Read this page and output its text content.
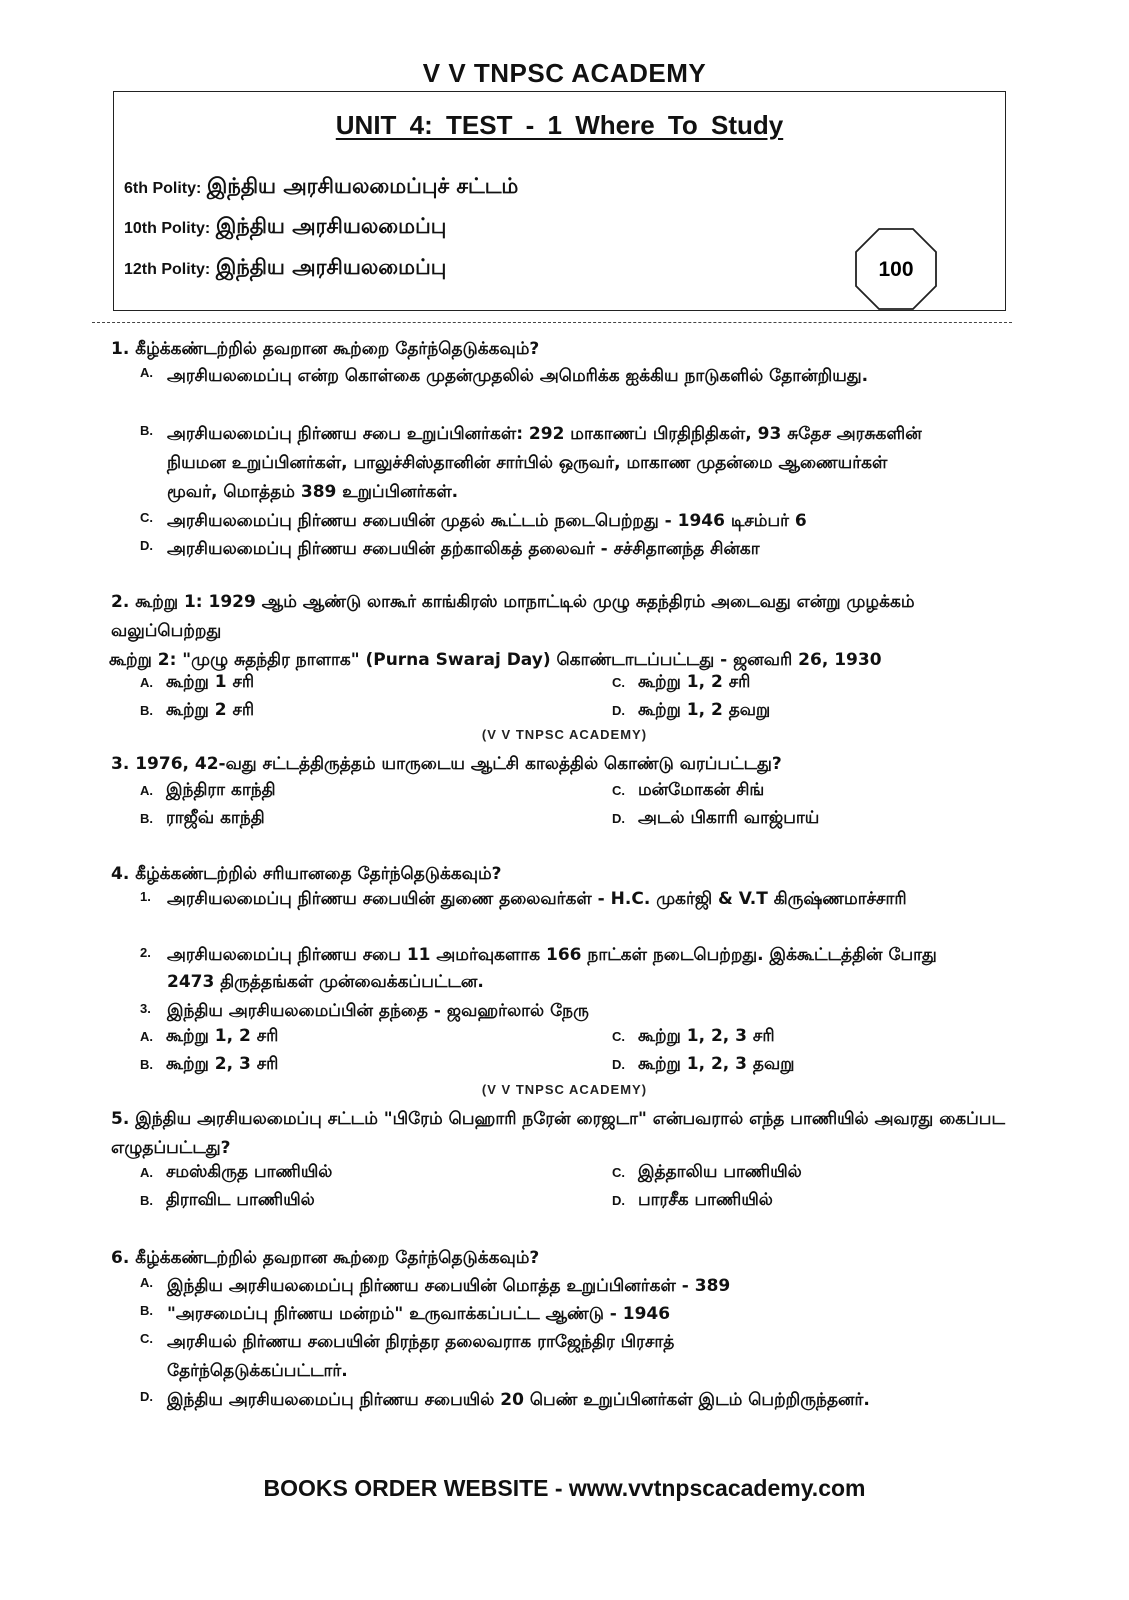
V V TNPSC ACADEMY
UNIT 4: TEST - 1 Where To Study
6th Polity: இந்திய அரசியலமைப்புச் சட்டம்
10th Polity: இந்திய அரசியலமைப்பு
12th Polity: இந்திய அரசியலமைப்பு	100
1. கீழ்க்கண்டற்றில் தவறான கூற்றை தேர்ந்தெடுக்கவும்?
A. அரசியலமைப்பு என்ற கொள்கை முதன்முதலில் அமெரிக்க ஐக்கிய நாடுகளில் தோன்றியது.
B. அரசியலமைப்பு நிர்ணய சபை உறுப்பினர்கள்: 292 மாகாணப் பிரதிநிதிகள், 93 சுதேச அரசுகளின் நியமன உறுப்பினர்கள், பாலுச்சிஸ்தானின் சார்பில் ஒருவர், மாகாண முதன்மை ஆணையர்கள் மூவர், மொத்தம் 389 உறுப்பினர்கள்.
C. அரசியலமைப்பு நிர்ணய சபையின் முதல் கூட்டம் நடைபெற்றது - 1946 டிசம்பர் 6
D. அரசியலமைப்பு நிர்ணய சபையின் தற்காலிகத் தலைவர் - சச்சிதானந்த சின்கா
2. கூற்று 1: 1929 ஆம் ஆண்டு லாகூர் காங்கிரஸ் மாநாட்டில் முழு சுதந்திரம் அடைவது என்று முழக்கம் வலுப்பெற்றது
கூற்று 2: "முழு சுதந்திர நாளாக" (Purna Swaraj Day) கொண்டாடப்பட்டது - ஜனவரி 26, 1930
A. கூற்று 1 சரி	C. கூற்று 1, 2 சரி
B. கூற்று 2 சரி	D. கூற்று 1, 2 தவறு
(V V TNPSC ACADEMY)
3. 1976, 42-வது சட்டத்திருத்தம் யாருடைய ஆட்சி காலத்தில் கொண்டு வரப்பட்டது?
A. இந்திரா காந்தி	C. மன்மோகன் சிங்
B. ராஜீவ் காந்தி	D. அடல் பிகாரி வாஜ்பாய்
4. கீழ்க்கண்டற்றில் சரியானதை தேர்ந்தெடுக்கவும்?
1. அரசியலமைப்பு நிர்ணய சபையின் துணை தலைவர்கள் - H.C. முகர்ஜி & V.T கிருஷ்ணமாச்சாரி
2. அரசியலமைப்பு நிர்ணய சபை 11 அமர்வுகளாக 166 நாட்கள் நடைபெற்றது. இக்கூட்டத்தின் போது 2473 திருத்தங்கள் முன்வைக்கப்பட்டன.
3. இந்திய அரசியலமைப்பின் தந்தை - ஜவஹர்லால் நேரு
A. கூற்று 1, 2 சரி	C. கூற்று 1, 2, 3 சரி
B. கூற்று 2, 3 சரி	D. கூற்று 1, 2, 3 தவறு
(V V TNPSC ACADEMY)
5. இந்திய அரசியலமைப்பு சட்டம் "பிரேம் பெஹாரி நரேன் ரைஜடா" என்பவரால் எந்த பாணியில் அவரது கைப்பட எழுதப்பட்டது?
A. சமஸ்கிருத பாணியில்	C. இத்தாலிய பாணியில்
B. திராவிட பாணியில்	D. பாரசீக பாணியில்
6. கீழ்க்கண்டற்றில் தவறான கூற்றை தேர்ந்தெடுக்கவும்?
A. இந்திய அரசியலமைப்பு நிர்ணய சபையின் மொத்த உறுப்பினர்கள் - 389
B. "அரசமைப்பு நிர்ணய மன்றம்" உருவாக்கப்பட்ட ஆண்டு - 1946
C. அரசியல் நிர்ணய சபையின் நிரந்தர தலைவராக ராஜேந்திர பிரசாத் தேர்ந்தெடுக்கப்பட்டார்.
D. இந்திய அரசியலமைப்பு நிர்ணய சபையில் 20 பெண் உறுப்பினர்கள் இடம் பெற்றிருந்தனர்.
BOOKS ORDER WEBSITE - www.vvtnpscacademy.com
